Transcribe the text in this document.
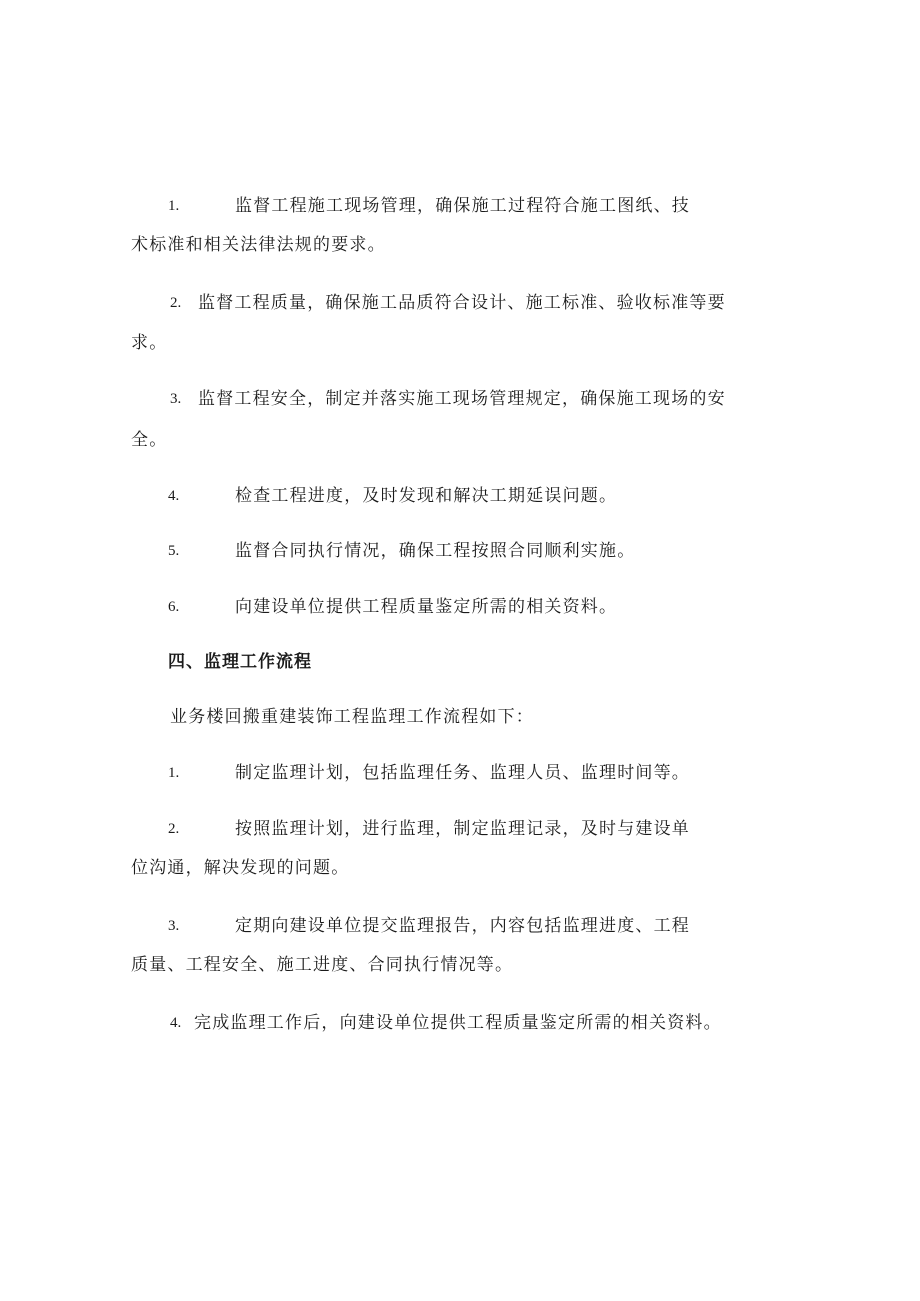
1.	监督工程施工现场管理，确保施工过程符合施工图纸、技
术标准和相关法律法规的要求。
2. 监督工程质量，确保施工品质符合设计、施工标准、验收标准等要
求。
3. 监督工程安全，制定并落实施工现场管理规定，确保施工现场的安
全。
4.	检查工程进度，及时发现和解决工期延误问题。
5.	监督合同执行情况，确保工程按照合同顺利实施。
6.	向建设单位提供工程质量鉴定所需的相关资料。
四、监理工作流程
业务楼回搬重建装饰工程监理工作流程如下：
1.	制定监理计划，包括监理任务、监理人员、监理时间等。
2.	按照监理计划，进行监理，制定监理记录，及时与建设单
位沟通，解决发现的问题。
3.	定期向建设单位提交监理报告，内容包括监理进度、工程
质量、工程安全、施工进度、合同执行情况等。
4. 完成监理工作后，向建设单位提供工程质量鉴定所需的相关资料。
